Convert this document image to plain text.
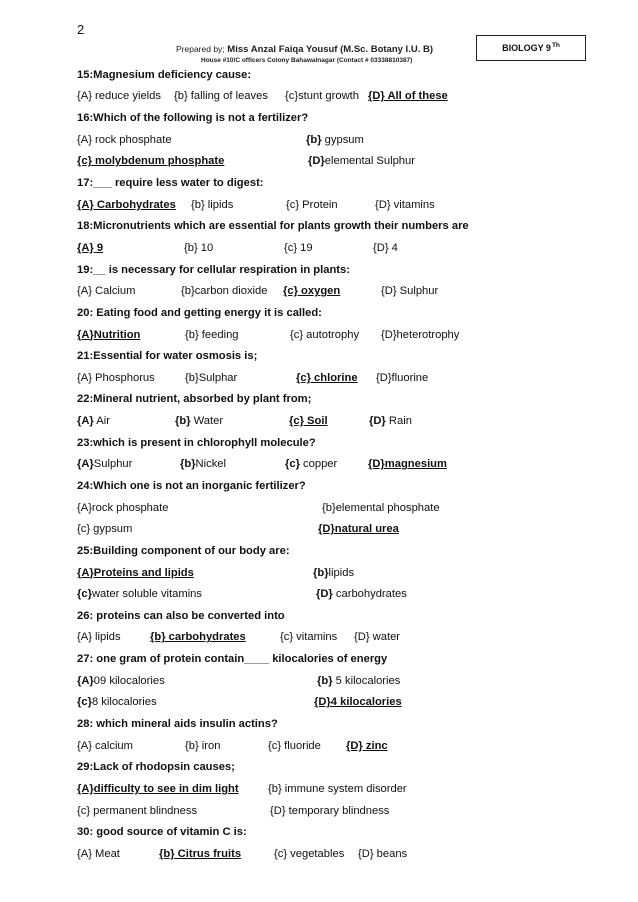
2
Prepared by; Miss Anzal Faiqa Yousuf (M.Sc. Botany I.U. B)
House #10/C officers Colony Bahawalnagar (Contact # 03338810387)
BIOLOGY 9Th
15:Magnesium deficiency cause:
{A} reduce yields {b} falling of leaves {c}stunt growth {D} All of these
16:Which of the following is not a fertilizer?
{A} rock phosphate	{b} gypsum
{c} molybdenum phosphate	{D}elemental Sulphur
17:___ require less water to digest:
{A} Carbohydrates {b} lipids	{c} Protein	{D} vitamins
18:Micronutrients which are essential for plants growth their numbers are
{A} 9	{b} 10	{c} 19	{D} 4
19:__ is necessary for cellular respiration in plants:
{A} Calcium	{b}carbon dioxide {c} oxygen	{D} Sulphur
20: Eating food and getting energy it is called:
{A}Nutrition	{b} feeding	{c} autotrophy {D}heterotrophy
21:Essential for water osmosis is;
{A} Phosphorus	{b}Sulphar	{c} chlorine {D}fluorine
22:Mineral nutrient, absorbed by plant from;
{A} Air	{b} Water	{c} Soil	{D} Rain
23:which is present in chlorophyll molecule?
{A}Sulphur	{b}Nickel	{c} copper	{D}magnesium
24:Which one is not an inorganic fertilizer?
{A}rock phosphate	{b}elemental phosphate
{c} gypsum	{D}natural urea
25:Building component of our body are:
{A}Proteins and lipids	{b}lipids
{c}water soluble vitamins	{D} carbohydrates
26: proteins can also be converted into
{A} lipids	{b} carbohydrates	{c} vitamins {D} water
27: one gram of protein contain____ kilocalories of energy
{A}09 kilocalories	{b} 5 kilocalories
{c}8 kilocalories	{D}4 kilocalories
28: which mineral aids insulin actins?
{A} calcium	{b} iron	{c} fluoride {D} zinc
29:Lack of rhodopsin causes;
{A}difficulty to see in dim light	{b} immune system disorder
{c} permanent blindness	{D} temporary blindness
30: good source of vitamin C is:
{A} Meat	{b} Citrus fruits	{c} vegetables {D} beans
